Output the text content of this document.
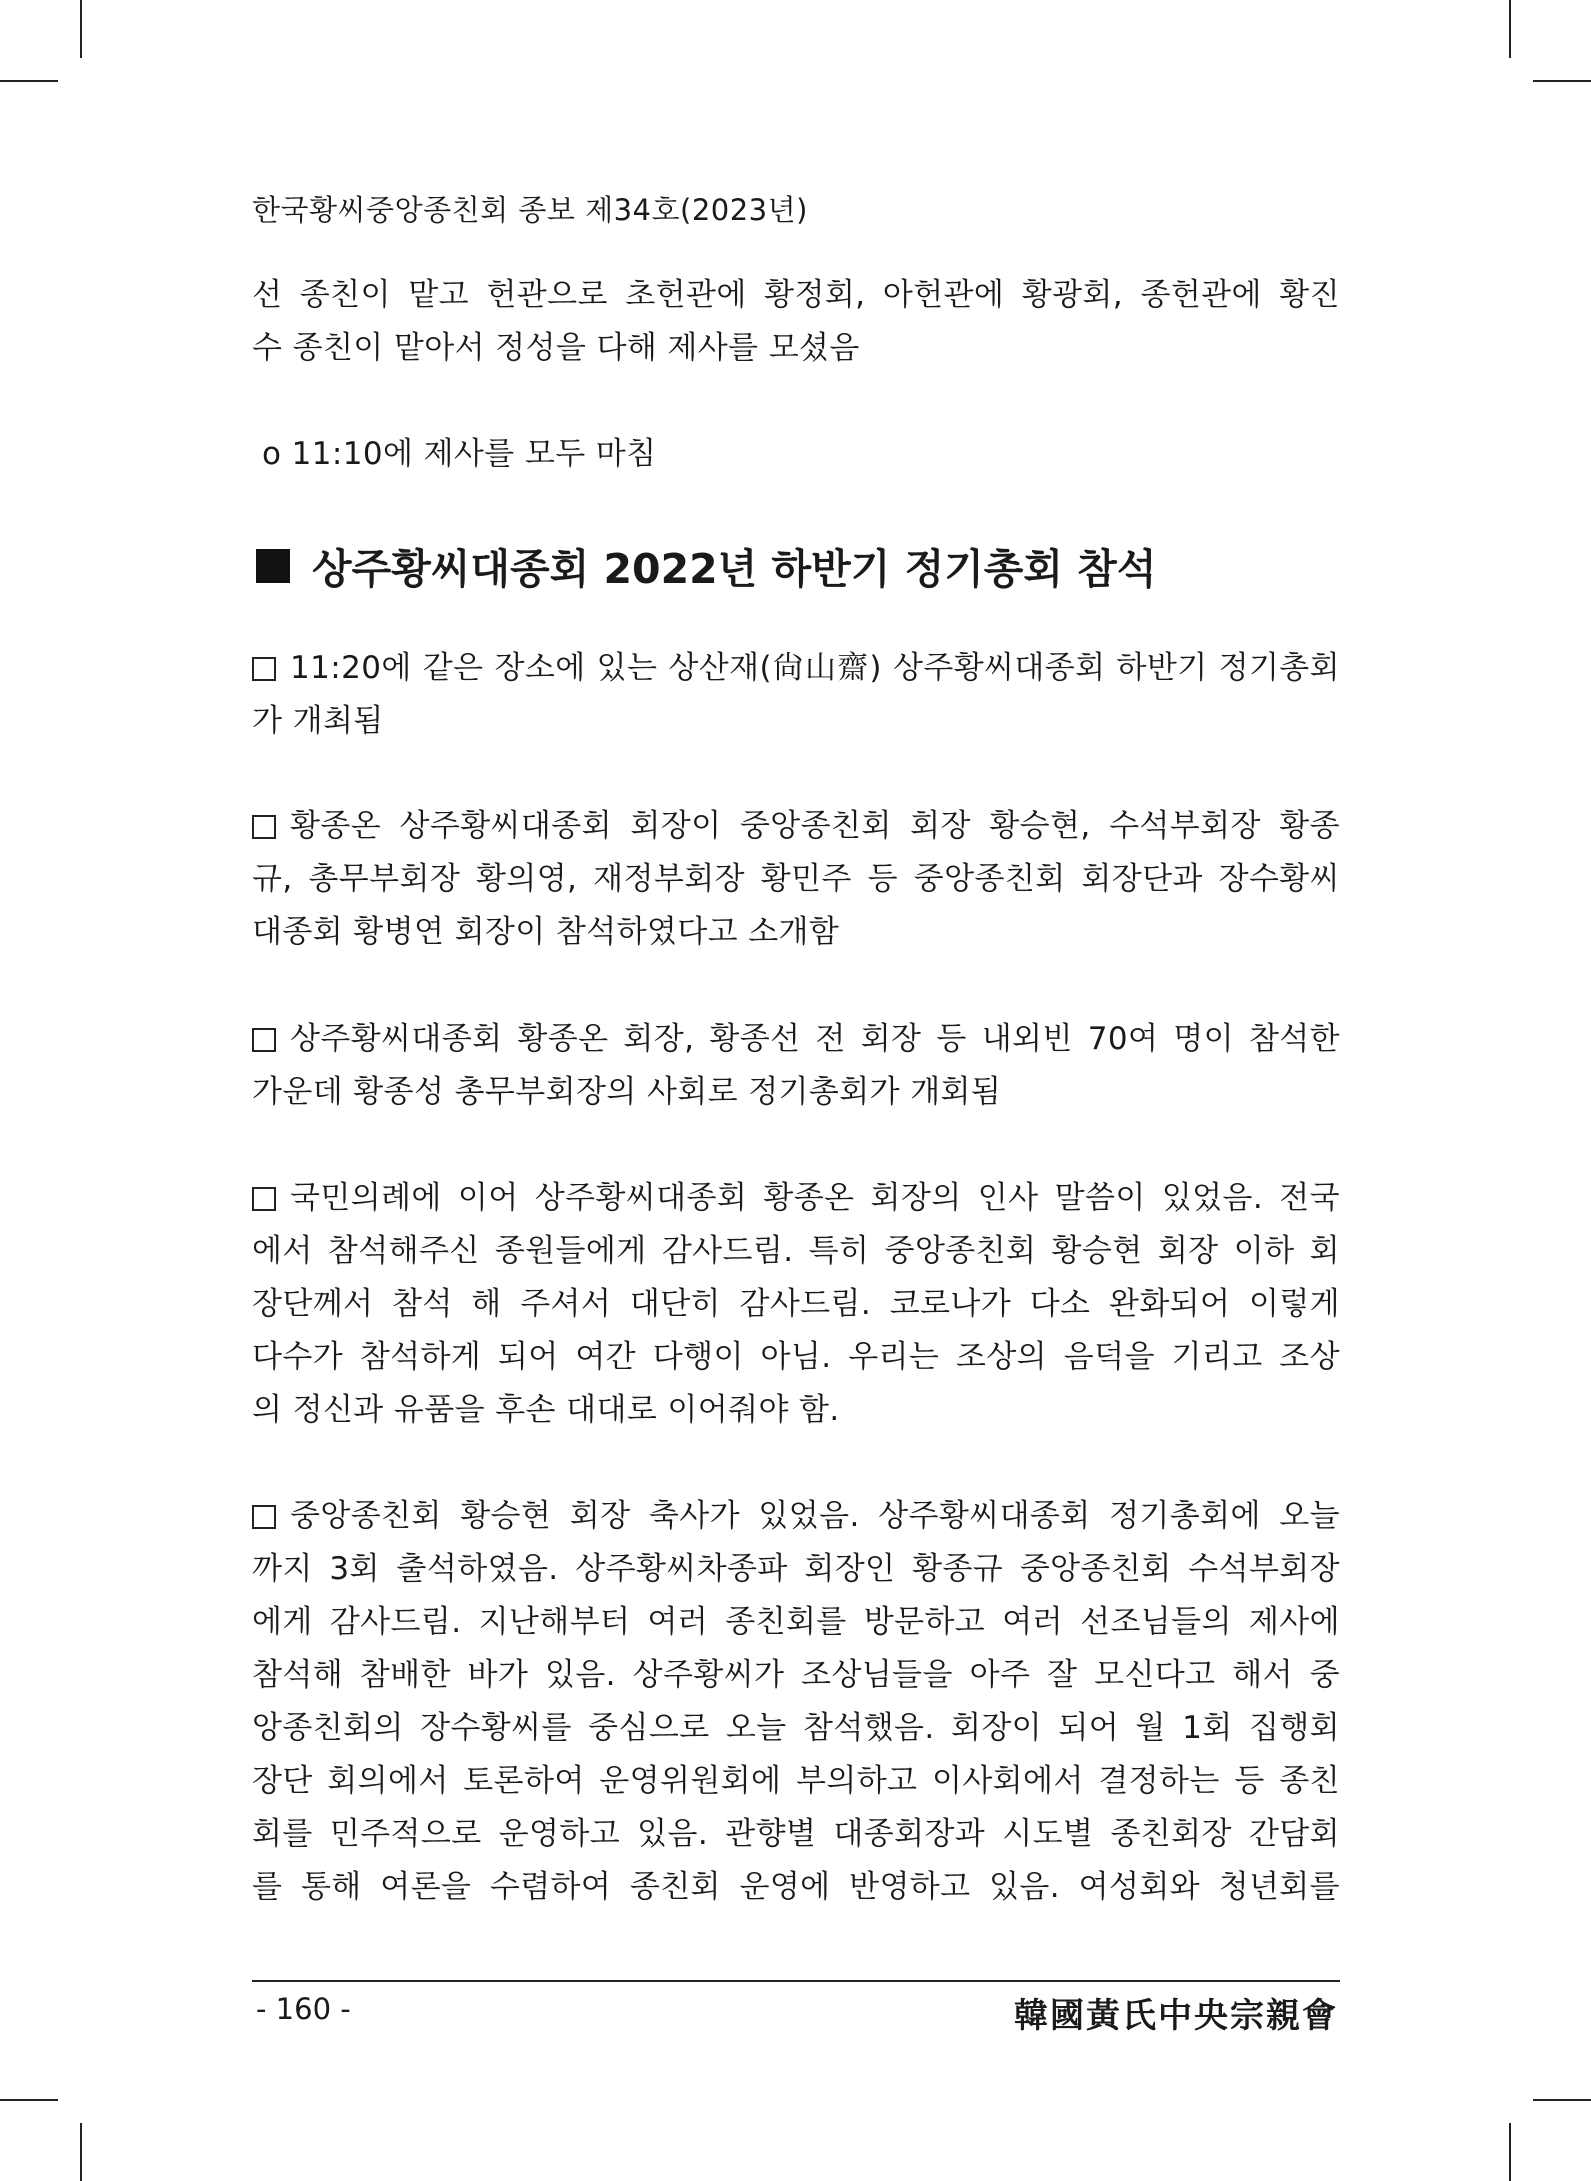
한국황씨중앙종친회 종보 제34호(2023년)
선 종친이 맡고 헌관으로 초헌관에 황정회, 아헌관에 황광회, 종헌관에 황진
수 종친이 맡아서 정성을 다해 제사를 모셨음
o 11:10에 제사를 모두 마침
상주황씨대종회 2022년 하반기 정기총회 참석
11:20에 같은 장소에 있는 상산재(尙山齋) 상주황씨대종회 하반기 정기총회
가 개최됨
황종온 상주황씨대종회 회장이 중앙종친회 회장 황승현, 수석부회장 황종
규, 총무부회장 황의영, 재정부회장 황민주 등 중앙종친회 회장단과 장수황씨
대종회 황병연 회장이 참석하였다고 소개함
상주황씨대종회 황종온 회장, 황종선 전 회장 등 내외빈 70여 명이 참석한
가운데 황종성 총무부회장의 사회로 정기총회가 개회됨
국민의례에 이어 상주황씨대종회 황종온 회장의 인사 말씀이 있었음. 전국
에서 참석해주신 종원들에게 감사드림. 특히 중앙종친회 황승현 회장 이하 회
장단께서 참석 해 주셔서 대단히 감사드림. 코로나가 다소 완화되어 이렇게
다수가 참석하게 되어 여간 다행이 아님. 우리는 조상의 음덕을 기리고 조상
의 정신과 유품을 후손 대대로 이어줘야 함.
중앙종친회 황승현 회장 축사가 있었음. 상주황씨대종회 정기총회에 오늘
까지 3회 출석하였음. 상주황씨차종파 회장인 황종규 중앙종친회 수석부회장
에게 감사드림. 지난해부터 여러 종친회를 방문하고 여러 선조님들의 제사에
참석해 참배한 바가 있음. 상주황씨가 조상님들을 아주 잘 모신다고 해서 중
앙종친회의 장수황씨를 중심으로 오늘 참석했음. 회장이 되어 월 1회 집행회
장단 회의에서 토론하여 운영위원회에 부의하고 이사회에서 결정하는 등 종친
회를 민주적으로 운영하고 있음. 관향별 대종회장과 시도별 종친회장 간담회
를 통해 여론을 수렴하여 종친회 운영에 반영하고 있음. 여성회와 청년회를
- 160 -	韓國黃氏中央宗親會
